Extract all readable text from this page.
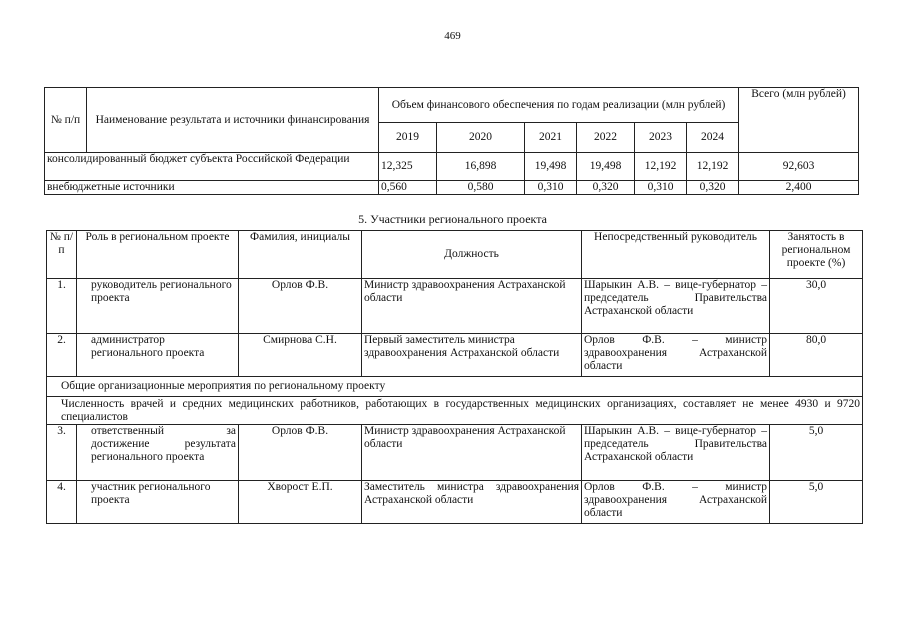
469
№ п/п	Наименование результата и источники финансирования	Объем финансового обеспечения по годам реализации (млн рублей)						Всего (млн рублей)
		2019	2020	2021	2022	2023	2024	
консолидированный бюджет субъекта Российской Федерации		12,325	16,898	19,498	19,498	12,192	12,192	92,603
внебюджетные источники		0,560	0,580	0,310	0,320	0,310	0,320	2,400
5. Участники регионального проекта
№ п/п	Роль в региональном проекте	Фамилия, инициалы	Должность	Непосредственный руководитель	Занятость в региональном проекте (%)
1.	руководитель регионального проекта	Орлов Ф.В.	Министр здравоохранения Астраханской области	Шарыкин А.В. – вице-губернатор – председатель Правительства Астраханской области	30,0
2.	администратор регионального проекта	Смирнова С.Н.	Первый заместитель министра здравоохранения Астраханской области	Орлов Ф.В. – министр здравоохранения Астраханской области	80,0
Общие организационные мероприятия по региональному проекту					
Численность врачей и средних медицинских работников, работающих в государственных медицинских организациях, составляет не менее 4930 и 9720 специалистов					
3.	ответственный за достижение результата регионального проекта	Орлов Ф.В.	Министр здравоохранения Астраханской области	Шарыкин А.В. – вице-губернатор – председатель Правительства Астраханской области	5,0
4.	участник регионального проекта	Хворост Е.П.	Заместитель министра здравоохранения Астраханской области	Орлов Ф.В. – министр здравоохранения Астраханской области	5,0
